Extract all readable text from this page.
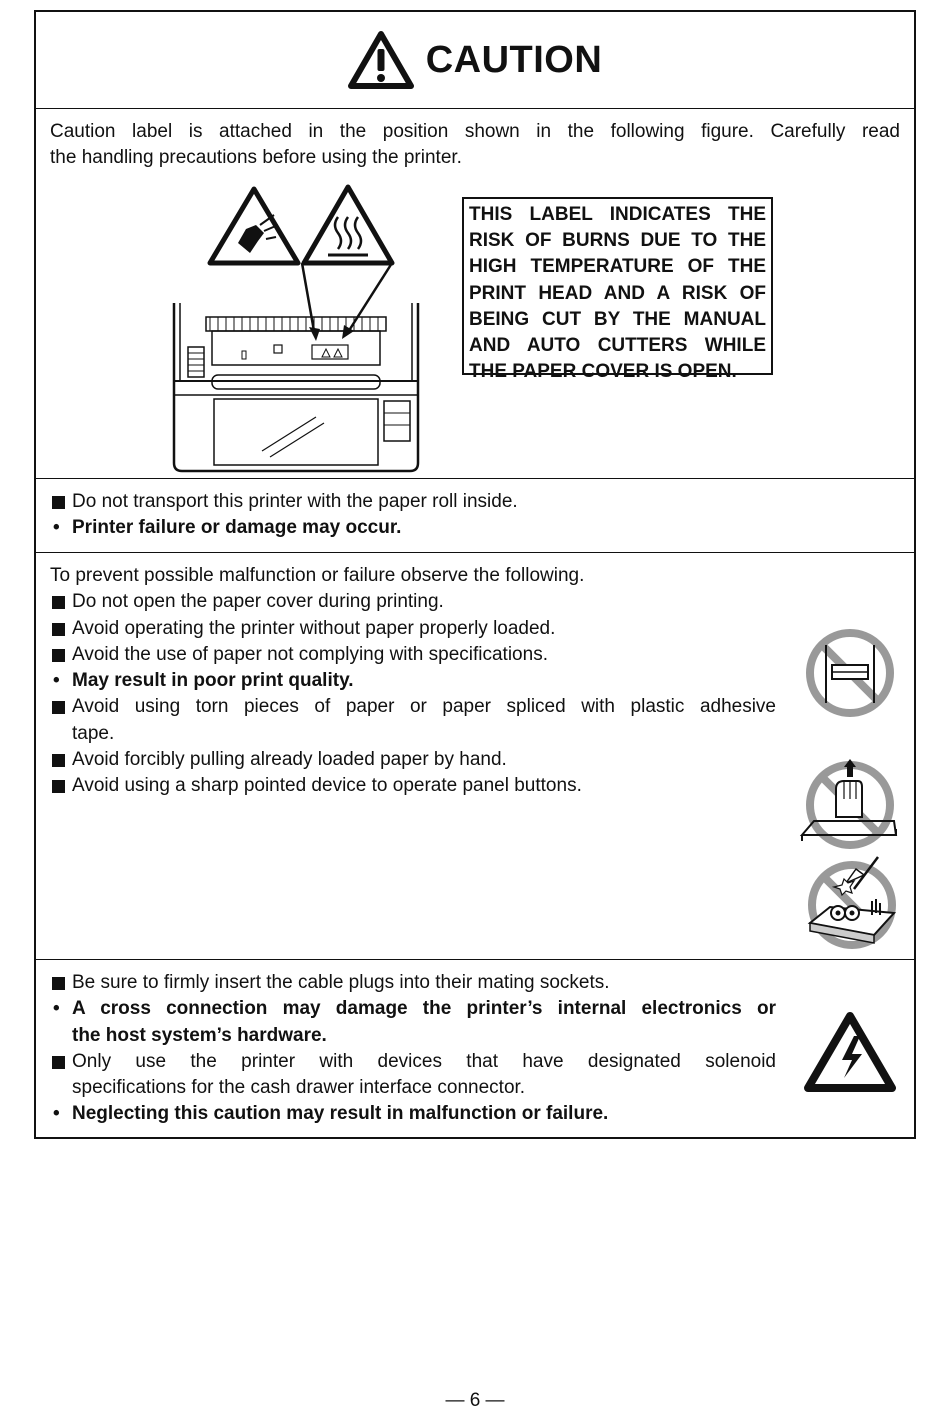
CAUTION
Caution label is attached in the position shown in the following figure. Carefully read
the handling precautions before using the printer.
THIS LABEL INDICATES THE
RISK OF BURNS DUE TO THE
HIGH TEMPERATURE OF THE
PRINT HEAD AND A RISK OF
BEING CUT BY THE MANUAL
AND AUTO CUTTERS WHILE
THE PAPER COVER IS OPEN.
Do not transport this printer with the paper roll inside.
• Printer failure or damage may occur.
To prevent possible malfunction or failure observe the following.
Do not open the paper cover during printing.
Avoid operating the printer without paper properly loaded.
Avoid the use of paper not complying with specifications.
• May result in poor print quality.
Avoid using torn pieces of paper or paper spliced with plastic adhesive
tape.
Avoid forcibly pulling already loaded paper by hand.
Avoid using a sharp pointed device to operate panel buttons.
Be sure to firmly insert the cable plugs into their mating sockets.
• A cross connection may damage the printer’s internal electronics or
the host system’s hardware.
Only use the printer with devices that have designated solenoid
specifications for the cash drawer interface connector.
• Neglecting this caution may result in malfunction or failure.
— 6 —
